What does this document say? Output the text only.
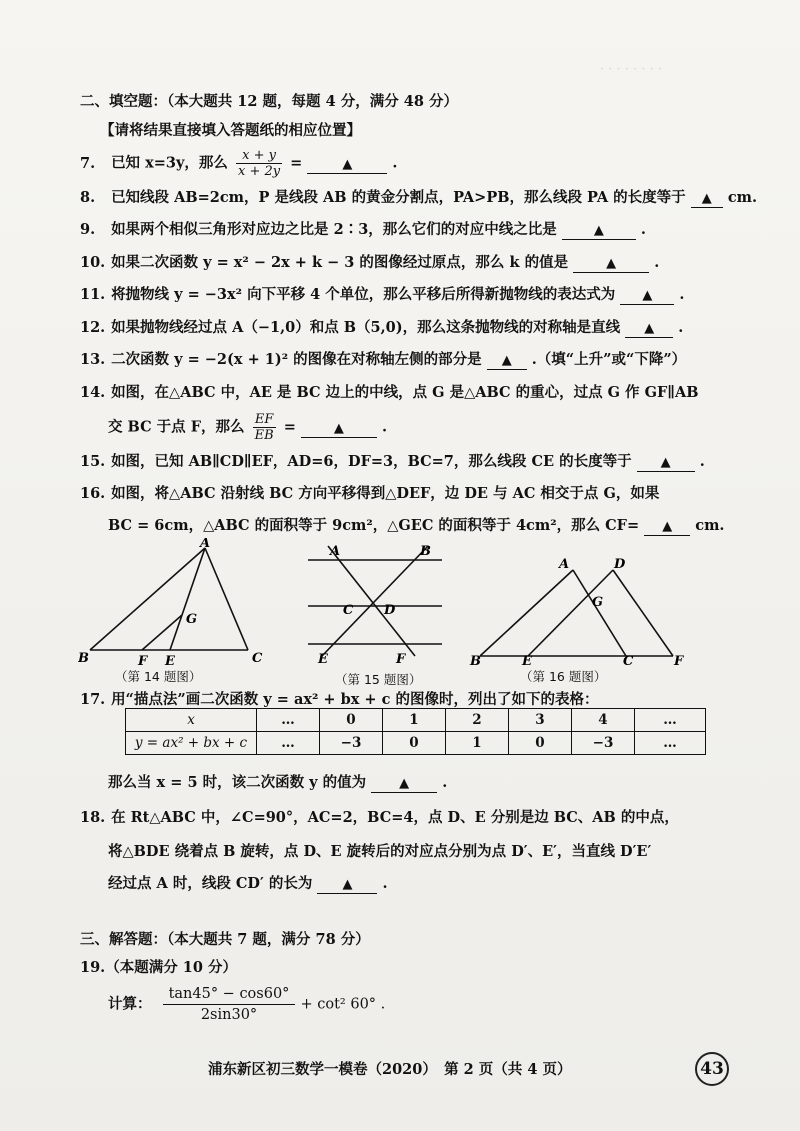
· · · · · · · ·
二、填空题：（本大题共 12 题，每题 4 分，满分 48 分）
【请将结果直接填入答题纸的相应位置】
7. 已知 x=3y，那么 $\frac{x + y}{x + 2y}$ =	▲	.
8. 已知线段 AB=2cm，P 是线段 AB 的黄金分割点，PA>PB，那么线段 PA 的长度等于 ▲ cm.
9. 如果两个相似三角形对应边之比是 2∶3，那么它们的对应中线之比是	▲	.
10. 如果二次函数 y = x² − 2x + k − 3 的图像经过原点，那么 k 的值是	▲	.
11. 将抛物线 y = −3x² 向下平移 4 个单位，那么平移后所得新抛物线的表达式为 ▲ .
12. 如果抛物线经过点 A（−1,0）和点 B（5,0)，那么这条抛物线的对称轴是直线 ▲ .
13. 二次函数 y = −2(x + 1)² 的图像在对称轴左侧的部分是 ▲ .（填“上升”或“下降”）
14. 如图，在△ABC 中，AE 是 BC 边上的中线，点 G 是△ABC 的重心，过点 G 作 GF∥AB
交 BC 于点 F，那么 $\frac{EF}{EB}$ =	▲	.
15. 如图，已知 AB∥CD∥EF，AD=6，DF=3，BC=7，那么线段 CE 的长度等于 ▲ .
16. 如图，将△ABC 沿射线 BC 方向平移得到△DEF，边 DE 与 AC 相交于点 G，如果
BC = 6cm，△ABC 的面积等于 9cm²，△GEC 的面积等于 4cm²，那么 CF= ▲ cm.
A
B	C
E
F
G
（第 14 题图）
A	B
C D
E	F
（第 15 题图）
A	D
G
B	E	C	F
（第 16 题图）
17. 用“描点法”画二次函数 y = ax² + bx + c 的图像时，列出了如下的表格：
x	…	0	1	2	3	4	…
y = ax² + bx + c	…	−3	0	1	0	−3	…
那么当 x = 5 时，该二次函数 y 的值为	▲ .
18. 在 Rt△ABC 中，∠C=90°，AC=2，BC=4，点 D、E 分别是边 BC、AB 的中点，
将△BDE 绕着点 B 旋转，点 D、E 旋转后的对应点分别为点 D′、E′，当直线 D′E′
经过点 A 时，线段 CD′ 的长为 ▲ .
三、解答题：（本大题共 7 题，满分 78 分）
19.（本题满分 10 分）
计算： $\frac{\tan 45^\circ - \cos 60^\circ}{2\sin 30^\circ} + \cot^2$ 60° .
浦东新区初三数学一模卷（2020）　第 2 页（共 4 页）	43
